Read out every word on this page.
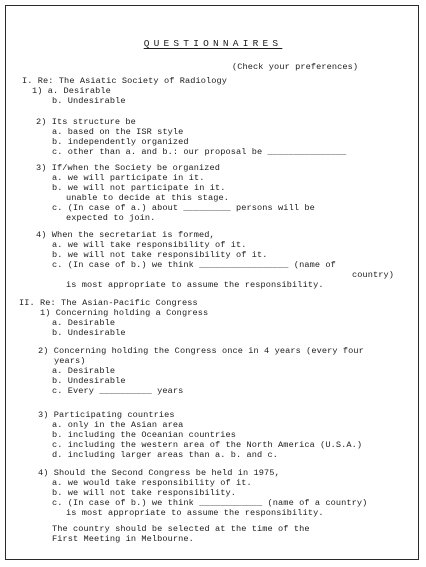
QUESTIONNAIRES
(Check your preferences)
I. Re: The Asiatic Society of Radiology
1) a. Desirable
b. Undesirable
2) Its structure be
a. based on the ISR style
b. independently organized
c. other than a. and b.: our proposal be _______________
3) If/when the Society be organized
a. we will participate in it.
b. we will not participate in it.
unable to decide at this stage.
c. (In case of a.) about _________ persons will be
expected to join.
4) When the secretariat is formed,
a. we will take responsibility of it.
b. we will not take responsibility of it.
c. (In case of b.) we think _________________ (name of
country)
is most appropriate to assume the responsibility.
II. Re: The Asian-Pacific Congress
1) Concerning holding a Congress
a. Desirable
b. Undesirable
2) Concerning holding the Congress once in 4 years (every four
years)
a. Desirable
b. Undesirable
c. Every __________ years
3) Participating countries
a. only in the Asian area
b. including the Oceanian countries
c. including the western area of the North America (U.S.A.)
d. including larger areas than a. b. and c.
4) Should the Second Congress be held in 1975,
a. we would take responsibility of it.
b. we will not take responsibility.
c. (In case of b.) we think ____________ (name of a country)
is most appropriate to assume the responsibility.
The country should be selected at the time of the
First Meeting in Melbourne.
